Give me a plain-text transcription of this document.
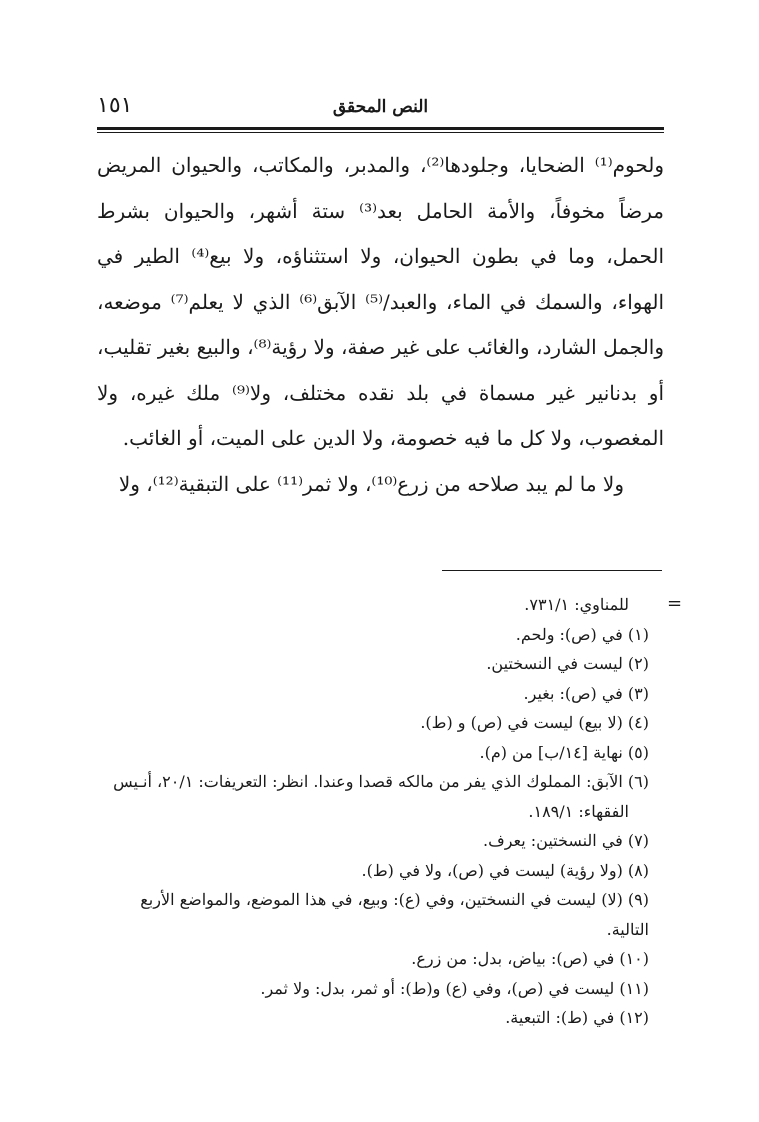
النص المحقق
١٥١

ولحوم⁽¹⁾ الضحايا، وجلودها⁽²⁾، والمدبر، والمكاتب، والحيوان المريض مرضاً مخوفاً، والأمة الحامل بعد⁽³⁾ ستة أشهر، والحيوان بشرط الحمل، وما في بطون الحيوان، ولا استثناؤه، ولا بيع⁽⁴⁾ الطير في الهواء، والسمك في الماء، والعبد/⁽⁵⁾ الآبق⁽⁶⁾ الذي لا يعلم⁽⁷⁾ موضعه، والجمل الشارد، والغائب على غير صفة، ولا رؤية⁽⁸⁾، والبيع بغير تقليب، أو بدنانير غير مسماة في بلد نقده مختلف، ولا⁽⁹⁾ ملك غيره، ولا المغصوب، ولا كل ما فيه خصومة، ولا الدين على الميت، أو الغائب.

ولا ما لم يبد صلاحه من زرع⁽¹⁰⁾، ولا ثمر⁽¹¹⁾ على التبقية⁽¹²⁾، ولا

=

للمناوي: ٧٣١/١.

(١) في (ص): ولحم.

(٢) ليست في النسختين.

(٣) في (ص): بغير.

(٤) (لا بيع) ليست في (ص) و (ط).

(٥) نهاية [١٤/ب] من (م).

(٦) الآبق: المملوك الذي يفر من مالكه قصدا وعندا. انظر: التعريفات: ٢٠/١، أنـيس

الفقهاء: ١٨٩/١.

(٧) في النسختين: يعرف.

(٨) (ولا رؤية) ليست في (ص)، ولا في (ط).

(٩) (لا) ليست في النسختين، وفي (ع): وبيع، في هذا الموضع، والمواضع الأربع التالية.

(١٠) في (ص): بياض، بدل: من زرع.

(١١) ليست في (ص)، وفي (ع) و(ط): أو ثمر، بدل: ولا ثمر.

(١٢) في (ط): التبعية.
